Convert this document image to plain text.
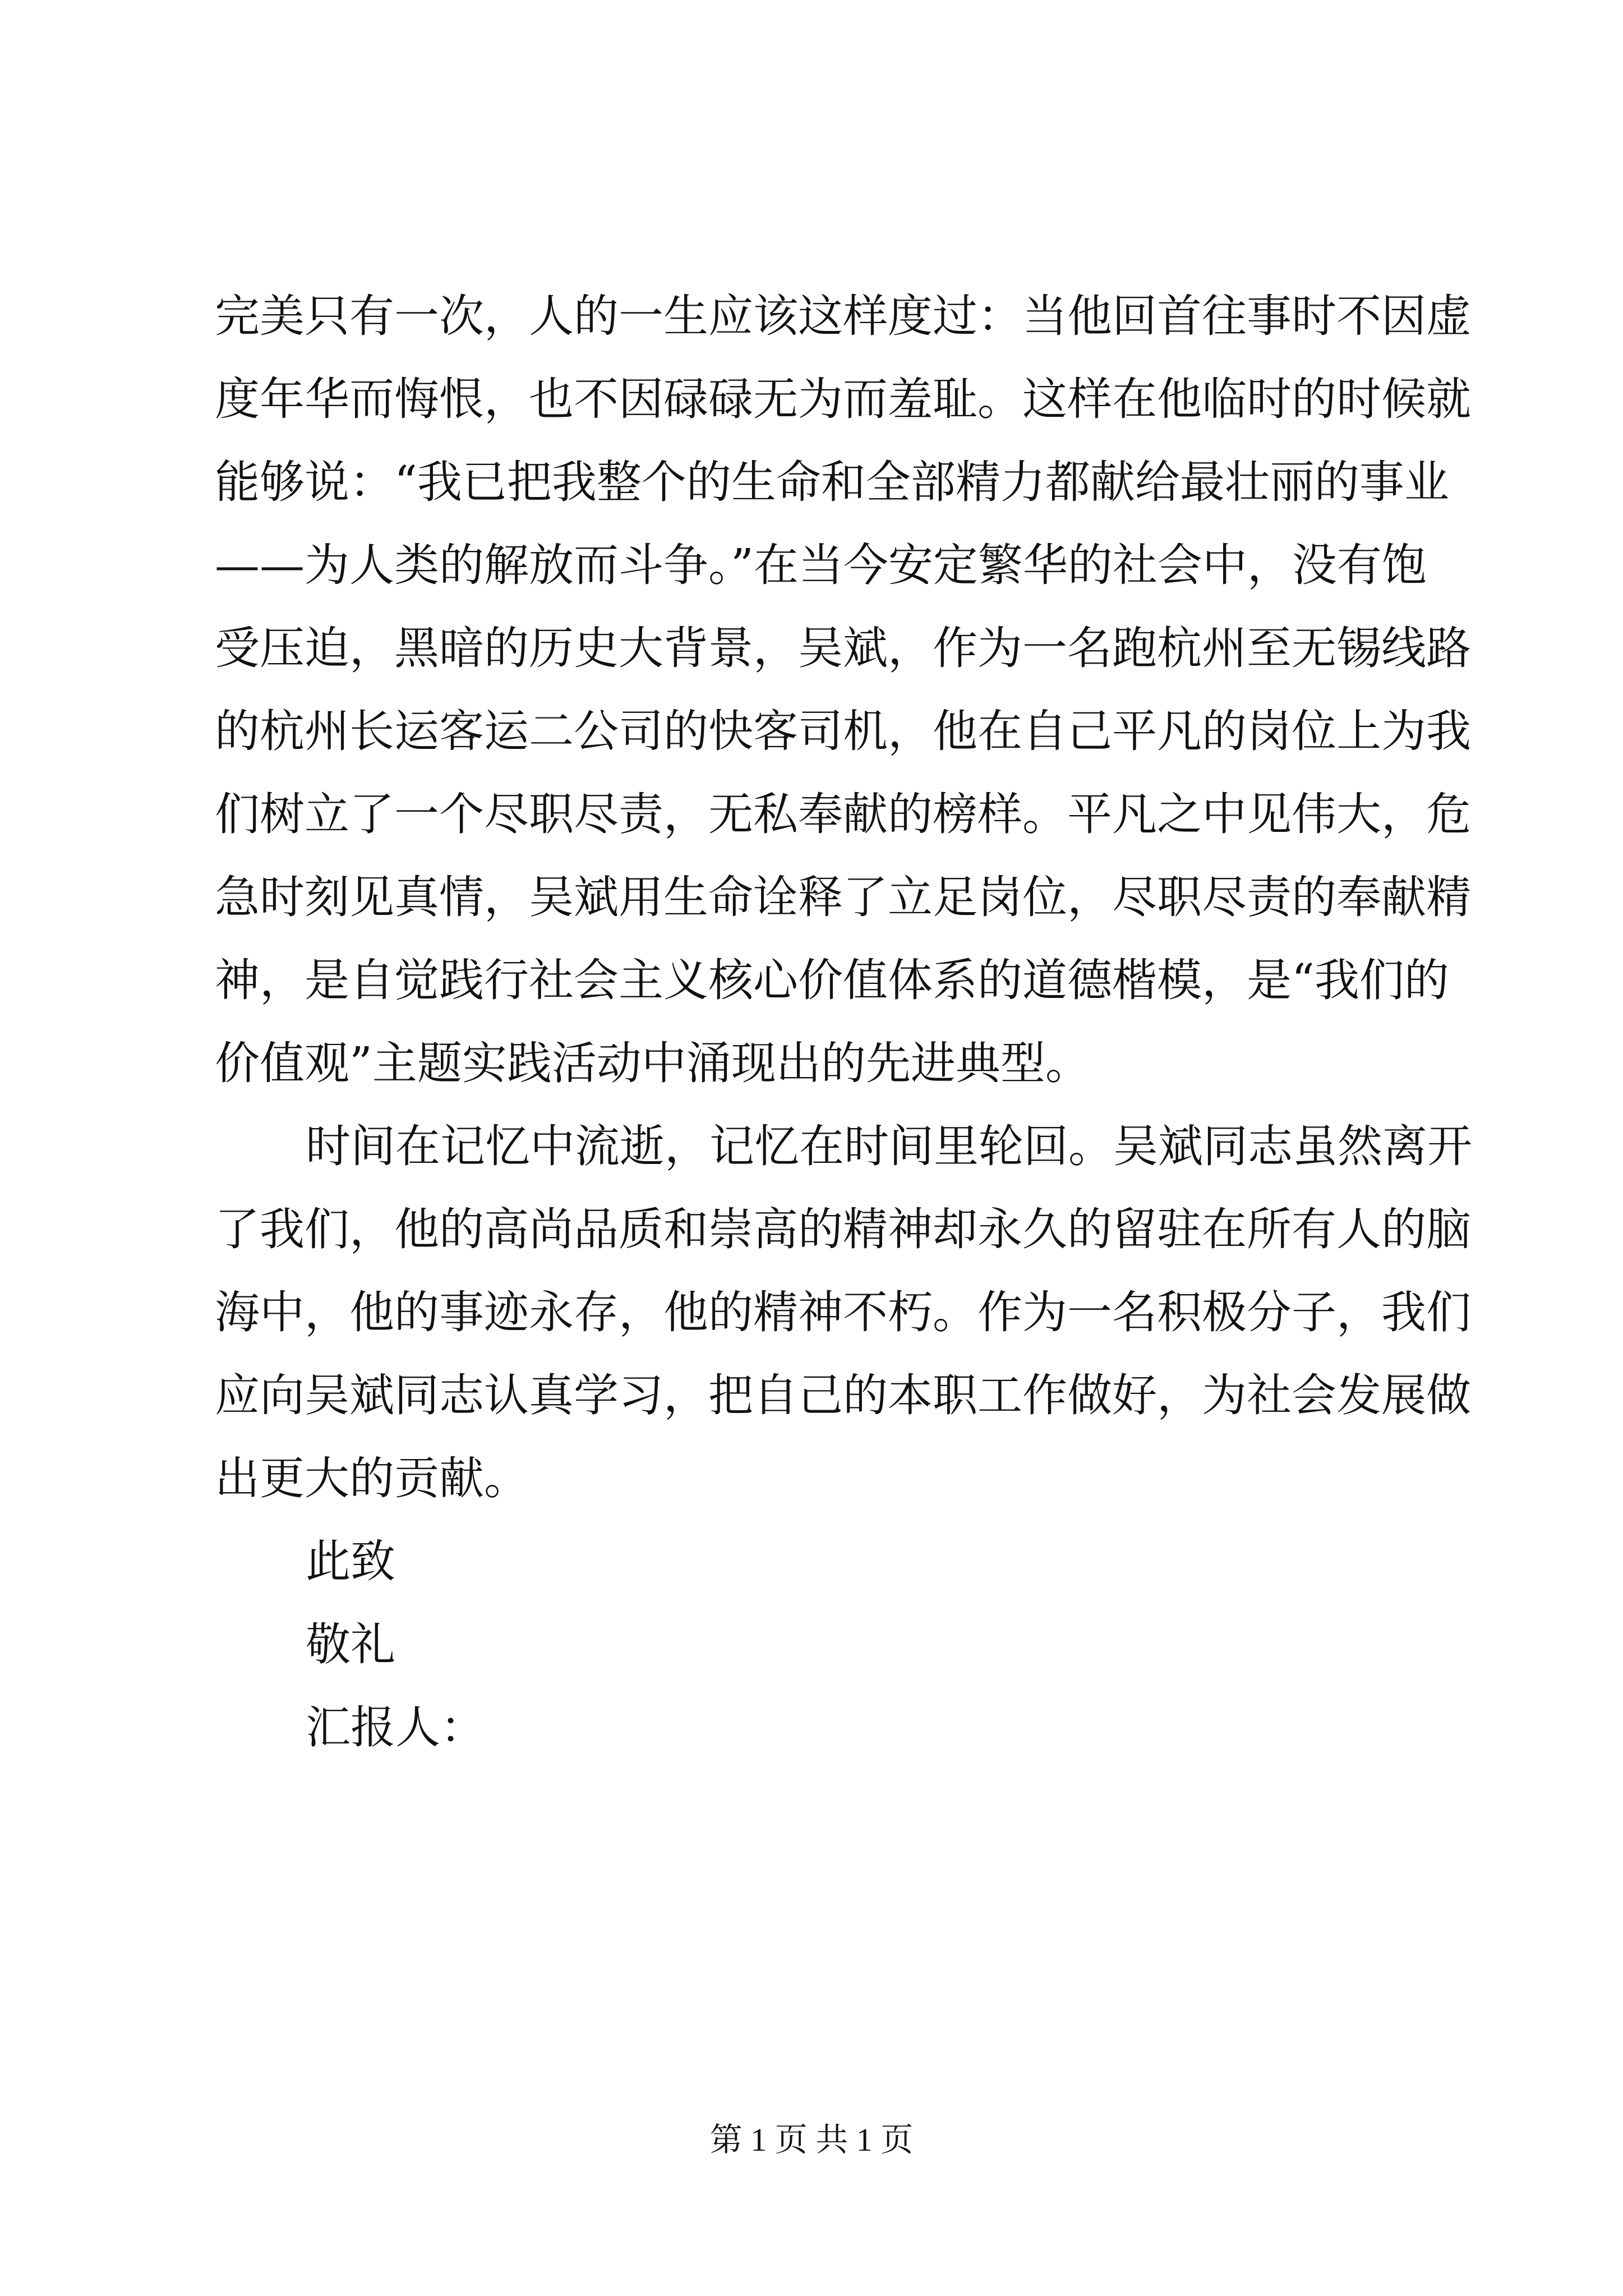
完美只有一次，人的一生应该这样度过：当他回首往事时不因虚
度年华而悔恨，也不因碌碌无为而羞耻。这样在他临时的时候就
能够说：“我已把我整个的生命和全部精力都献给最壮丽的事业
——为人类的解放而斗争。”在当今安定繁华的社会中，没有饱
受压迫，黑暗的历史大背景，吴斌，作为一名跑杭州至无锡线路
的杭州长运客运二公司的快客司机，他在自己平凡的岗位上为我
们树立了一个尽职尽责，无私奉献的榜样。平凡之中见伟大，危
急时刻见真情，吴斌用生命诠释了立足岗位，尽职尽责的奉献精
神，是自觉践行社会主义核心价值体系的道德楷模，是“我们的
价值观”主题实践活动中涌现出的先进典型。
时间在记忆中流逝，记忆在时间里轮回。吴斌同志虽然离开
了我们，他的高尚品质和崇高的精神却永久的留驻在所有人的脑
海中，他的事迹永存，他的精神不朽。作为一名积极分子，我们
应向吴斌同志认真学习，把自己的本职工作做好，为社会发展做
出更大的贡献。
此致
敬礼
汇报人：
第 1 页 共 1 页
